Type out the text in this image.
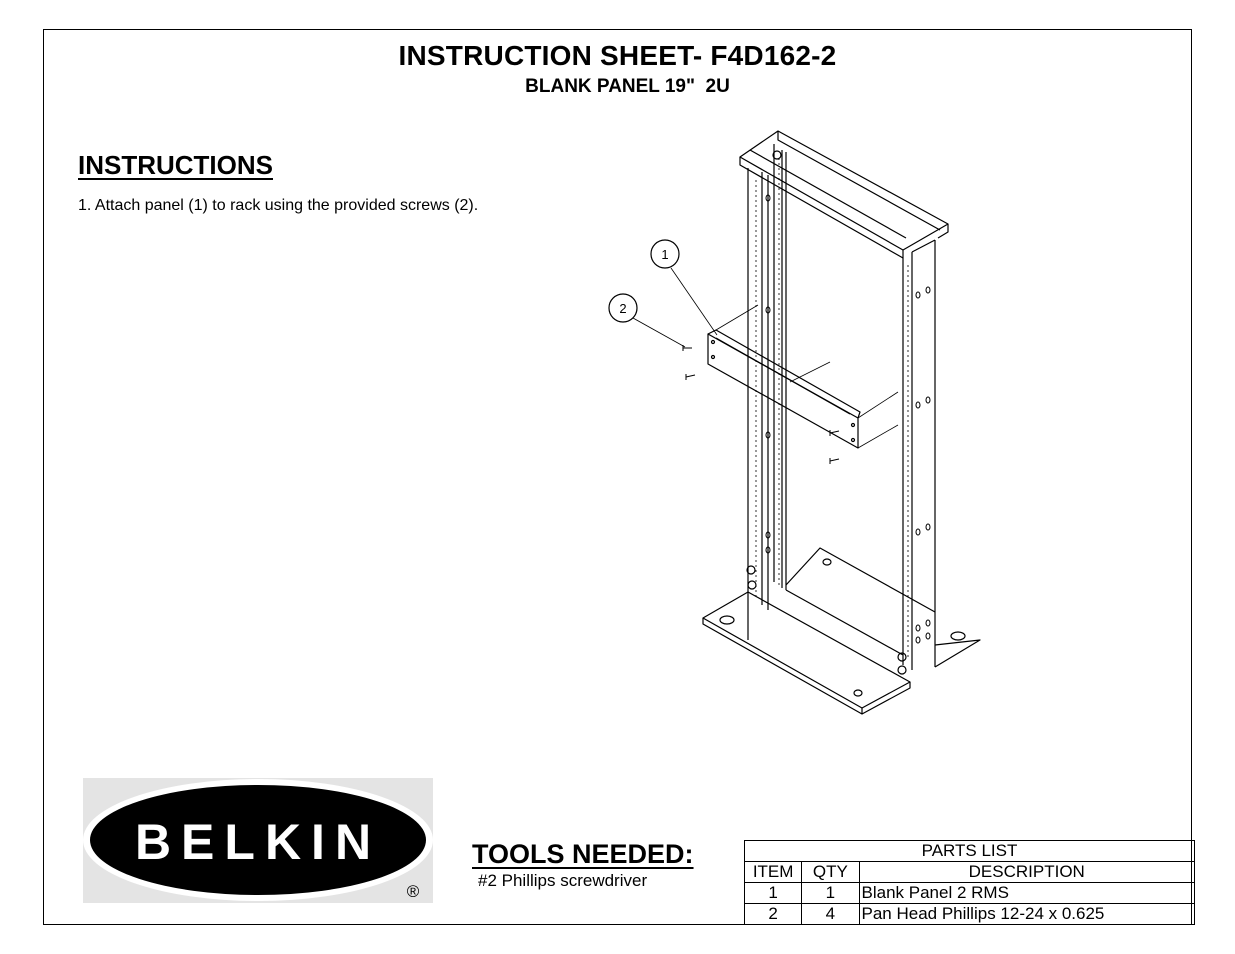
INSTRUCTION SHEET- F4D162-2
BLANK PANEL 19"  2U
INSTRUCTIONS
1. Attach panel (1) to rack using the provided screws (2).
1
2
BELKIN
®
TOOLS NEEDED:
#2 Phillips screwdriver
PARTS LIST		
ITEM	QTY	DESCRIPTION
1	1	Blank Panel 2 RMS
2	4	Pan Head Phillips 12-24 x 0.625
